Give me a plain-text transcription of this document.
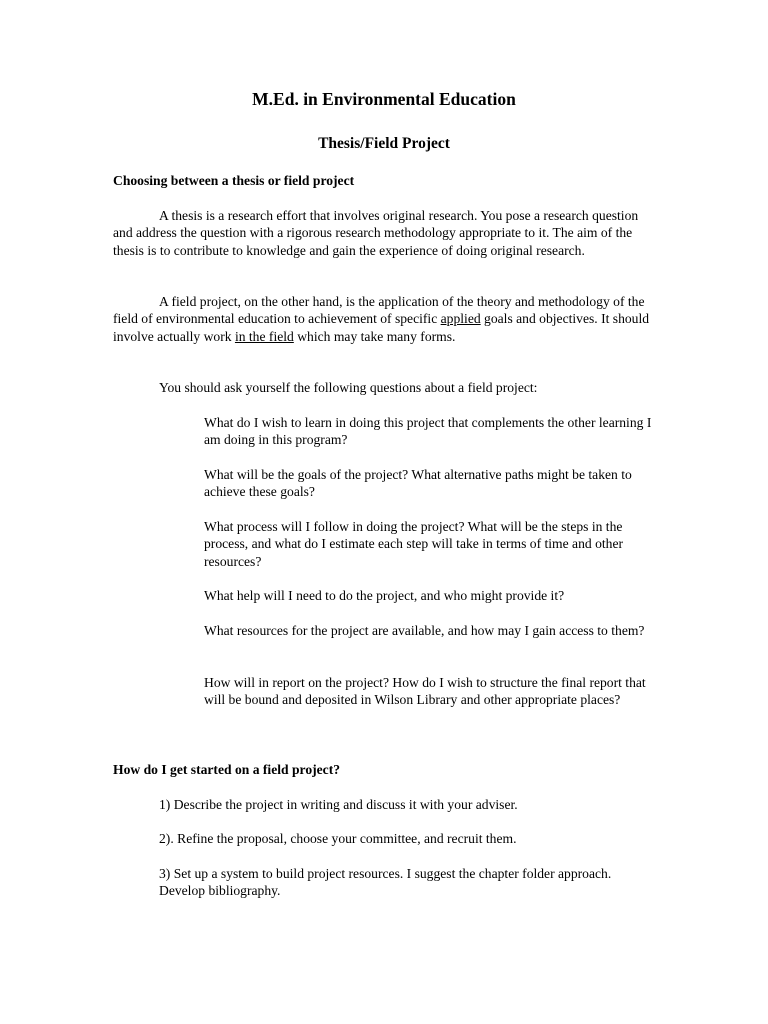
M.Ed. in Environmental Education
Thesis/Field Project
Choosing between a thesis or field project

A thesis is a research effort that involves original research. You pose a research question and address the question with a rigorous research methodology appropriate to it. The aim of the thesis is to contribute to knowledge and gain the experience of doing original research.

A field project, on the other hand, is the application of the theory and methodology of the field of environmental education to achievement of specific applied goals and objectives. It should involve actually work in the field which may take many forms.

You should ask yourself the following questions about a field project:

What do I wish to learn in doing this project that complements the other learning I am doing in this program?

What will be the goals of the project? What alternative paths might be taken to achieve these goals?

What process will I follow in doing the project? What will be the steps in the process, and what do I estimate each step will take in terms of time and other resources?

What help will I need to do the project, and who might provide it?

What resources for the project are available, and how may I gain access to them?

How will in report on the project? How do I wish to structure the final report that will be bound and deposited in Wilson Library and other appropriate places?

How do I get started on a field project?

1) Describe the project in writing and discuss it with your adviser.

2). Refine the proposal, choose your committee, and recruit them.

3) Set up a system to build project resources. I suggest the chapter folder approach. Develop bibliography.
